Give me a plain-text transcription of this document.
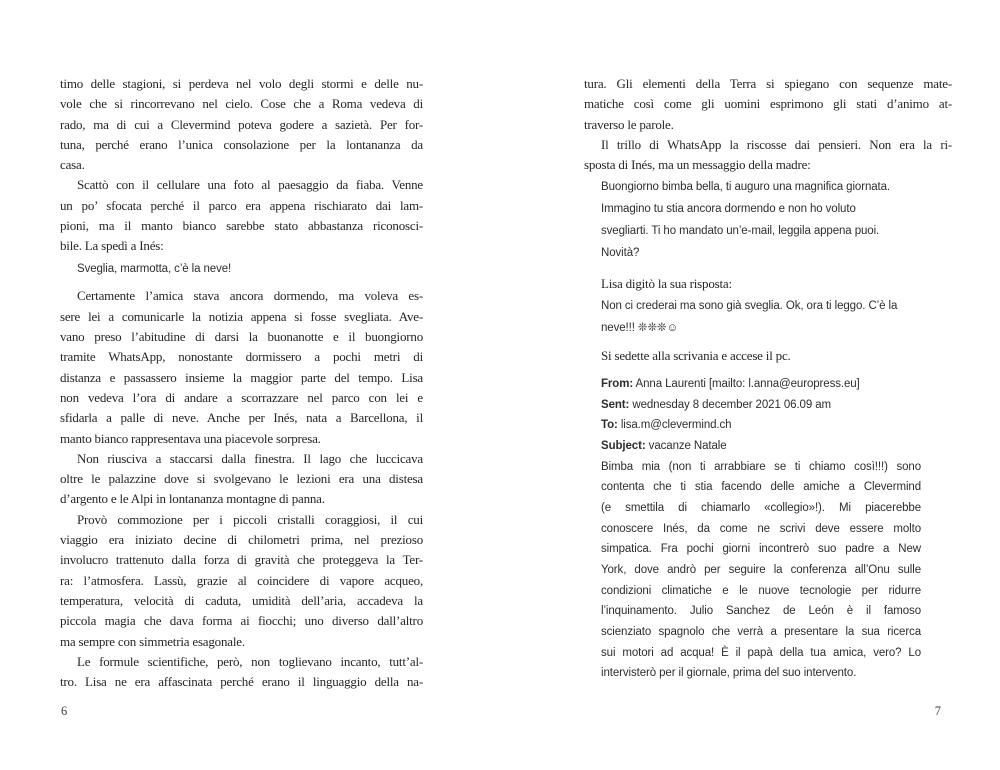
timo delle stagioni, si perdeva nel volo degli stormi e delle nu-
vole che si rincorrevano nel cielo. Cose che a Roma vedeva di
rado, ma di cui a Clevermind poteva godere a sazietà. Per for-
tuna, perché erano l’unica consolazione per la lontananza da
casa.
Scattò con il cellulare una foto al paesaggio da fiaba. Venne
un po’ sfocata perché il parco era appena rischiarato dai lam-
pioni, ma il manto bianco sarebbe stato abbastanza riconosci-
bile. La spedì a Inés:
Sveglia, marmotta, c’è la neve!
Certamente l’amica stava ancora dormendo, ma voleva es-
sere lei a comunicarle la notizia appena si fosse svegliata. Ave-
vano preso l’abitudine di darsi la buonanotte e il buongiorno
tramite WhatsApp, nonostante dormissero a pochi metri di
distanza e passassero insieme la maggior parte del tempo. Lisa
non vedeva l’ora di andare a scorrazzare nel parco con lei e
sfidarla a palle di neve. Anche per Inés, nata a Barcellona, il
manto bianco rappresentava una piacevole sorpresa.
Non riusciva a staccarsi dalla finestra. Il lago che luccicava
oltre le palazzine dove si svolgevano le lezioni era una distesa
d’argento e le Alpi in lontananza montagne di panna.
Provò commozione per i piccoli cristalli coraggiosi, il cui
viaggio era iniziato decine di chilometri prima, nel prezioso
involucro trattenuto dalla forza di gravità che proteggeva la Ter-
ra: l’atmosfera. Lassù, grazie al coincidere di vapore acqueo,
temperatura, velocità di caduta, umidità dell’aria, accadeva la
piccola magia che dava forma ai fiocchi; uno diverso dall’altro
ma sempre con simmetria esagonale.
Le formule scientifiche, però, non toglievano incanto, tutt’al-
tro. Lisa ne era affascinata perché erano il linguaggio della na-
tura. Gli elementi della Terra si spiegano con sequenze mate-
matiche così come gli uomini esprimono gli stati d’animo at-
traverso le parole.
Il trillo di WhatsApp la riscosse dai pensieri. Non era la ri-
sposta di Inés, ma un messaggio della madre:
Buongiorno bimba bella, ti auguro una magnifica giornata.
Immagino tu stia ancora dormendo e non ho voluto
svegliarti. Ti ho mandato un’e-mail, leggila appena puoi.
Novità?
Lisa digitò la sua risposta:
Non ci crederai ma sono già sveglia. Ok, ora ti leggo. C’è la
neve!!! ❊❊❊☺
Si sedette alla scrivania e accese il pc.
From: Anna Laurenti [mailto: l.anna@europress.eu]
Sent: wednesday 8 december 2021 06.09 am
To: lisa.m@clevermind.ch
Subject: vacanze Natale
Bimba mia (non ti arrabbiare se ti chiamo così!!!) sono
contenta che ti stia facendo delle amiche a Clevermind
(e smettila di chiamarlo «collegio»!). Mi piacerebbe
conoscere Inés, da come ne scrivi deve essere molto
simpatica. Fra pochi giorni incontrerò suo padre a New
York, dove andrò per seguire la conferenza all’Onu sulle
condizioni climatiche e le nuove tecnologie per ridurre
l’inquinamento. Julio Sanchez de León è il famoso
scienziato spagnolo che verrà a presentare la sua ricerca
sui motori ad acqua! È il papà della tua amica, vero? Lo
intervisterò per il giornale, prima del suo intervento.
6	7
